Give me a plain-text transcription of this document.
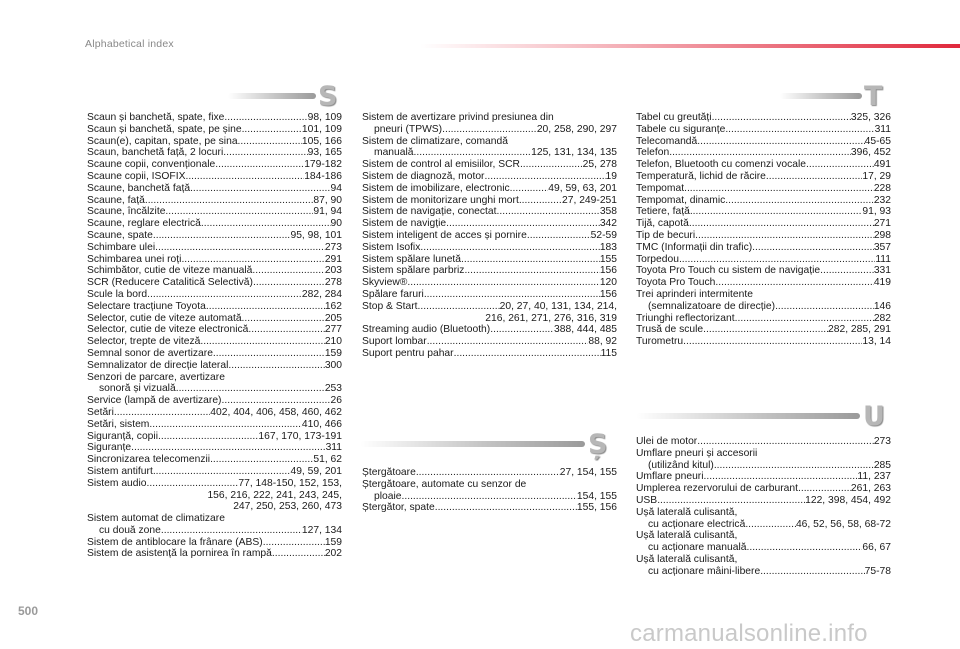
Alphabetical index
S	T
Ș
U
Scaun și banchetă, spate, fixe .....	98, 109
Scaun și banchetă, spate, pe șine .....	101, 109
Scaun(e), capitan, spate, pe sina .....	105, 166
Scaun, banchetă față, 2 locuri .....	93, 165
Scaune copii, convenționale .....	179-182
Scaune copii, ISOFIX .....	184-186
Scaune, banchetă față .....	94
Scaune, față .....	87, 90
Scaune, încălzite .....	91, 94
Scaune, reglare electrică .....	90
Scaune, spate .....	95, 98, 101
Schimbare ulei .....	273
Schimbarea unei roți .....	291
Schimbător, cutie de viteze manuală .....	203
SCR (Reducere Catalitică Selectivă) .....	278
Scule la bord .....	282, 284
Selectare tracțiune Toyota .....	162
Selector, cutie de viteze automată .....	205
Selector, cutie de viteze electronică .....	277
Selector, trepte de viteză .....	210
Semnal sonor de avertizare .....	159
Semnalizator de direcție lateral .....	300
Senzori de parcare, avertizare
sonoră și vizuală .....	253
Service (lampă de avertizare) .....	26
Setări .....	402, 404, 406, 458, 460, 462
Setări, sistem .....	410, 466
Siguranță, copii .....	167, 170, 173-191
Siguranțe .....	311
Sincronizarea telecomenzii .....	51, 62
Sistem antifurt .....	49, 59, 201
Sistem audio. .....	77, 148-150, 152, 153,
156, 216, 222, 241, 243, 245,
247, 250, 253, 260, 473
Sistem automat de climatizare
cu două zone .....	127, 134
Sistem de antiblocare la frânare (ABS) .....	159
Sistem de asistență la pornirea în rampă .....	202
Sistem de avertizare privind presiunea din
pneuri (TPWS) .....	20, 258, 290, 297
Sistem de climatizare, comandă
manuală .....	125, 131, 134, 135
Sistem de control al emisiilor, SCR .....	25, 278
Sistem de diagnoză, motor .....	19
Sistem de imobilizare, electronic .....	49, 59, 63, 201
Sistem de monitorizare unghi mort .....	27, 249-251
Sistem de navigație, conectat .....	358
Sistem de navigție .....	342
Sistem inteligent de acces și pornire .....	52-59
Sistem Isofix .....	183
Sistem spălare lunetă .....	155
Sistem spălare parbriz .....	156
Skyview® .....	120
Spălare faruri .....	156
Stop & Start .....	20, 27, 40, 131, 134, 214,
216, 261, 271, 276, 316, 319
Streaming audio (Bluetooth) .....	388, 444, 485
Suport lombar .....	88, 92
Suport pentru pahar .....	115
Ștergătoare .....	27, 154, 155
Ștergătoare, automate cu senzor de
ploaie .....	154, 155
Ștergător, spate .....	155, 156
Tabel cu greutăți .....	325, 326
Tabele cu siguranțe .....	311
Telecomandă .....	45-65
Telefon .....	396, 452
Telefon, Bluetooth cu comenzi vocale .....	491
Temperatură, lichid de răcire .....	17, 29
Tempomat .....	228
Tempomat, dinamic .....	232
Tetiere, față .....	91, 93
Tijă, capotă .....	271
Tip de becuri .....	298
TMC (Informații din trafic) .....	357
Torpedou .....	111
Toyota Pro Touch cu sistem de navigație .....	331
Toyota Pro Touch .....	419
Trei aprinderi intermitente
(semnalizatoare de direcție) .....	146
Triunghi reflectorizant .....	282
Trusă de scule .....	282, 285, 291
Turometru .....	13, 14
Ulei de motor .....	273
Umflare pneuri și accesorii
(utilizând kitul) .....	285
Umflare pneuri .....	11, 237
Umplerea rezervorului de carburant .....	261, 263
USB .....	122, 398, 454, 492
Ușă laterală culisantă,
cu acționare electrică .....	46, 52, 56, 58, 68-72
Ușă laterală culisantă,
cu acționare manuală .....	66, 67
Ușă laterală culisantă,
cu acționare mâini-libere .....	75-78
500
carmanualsonline.info
